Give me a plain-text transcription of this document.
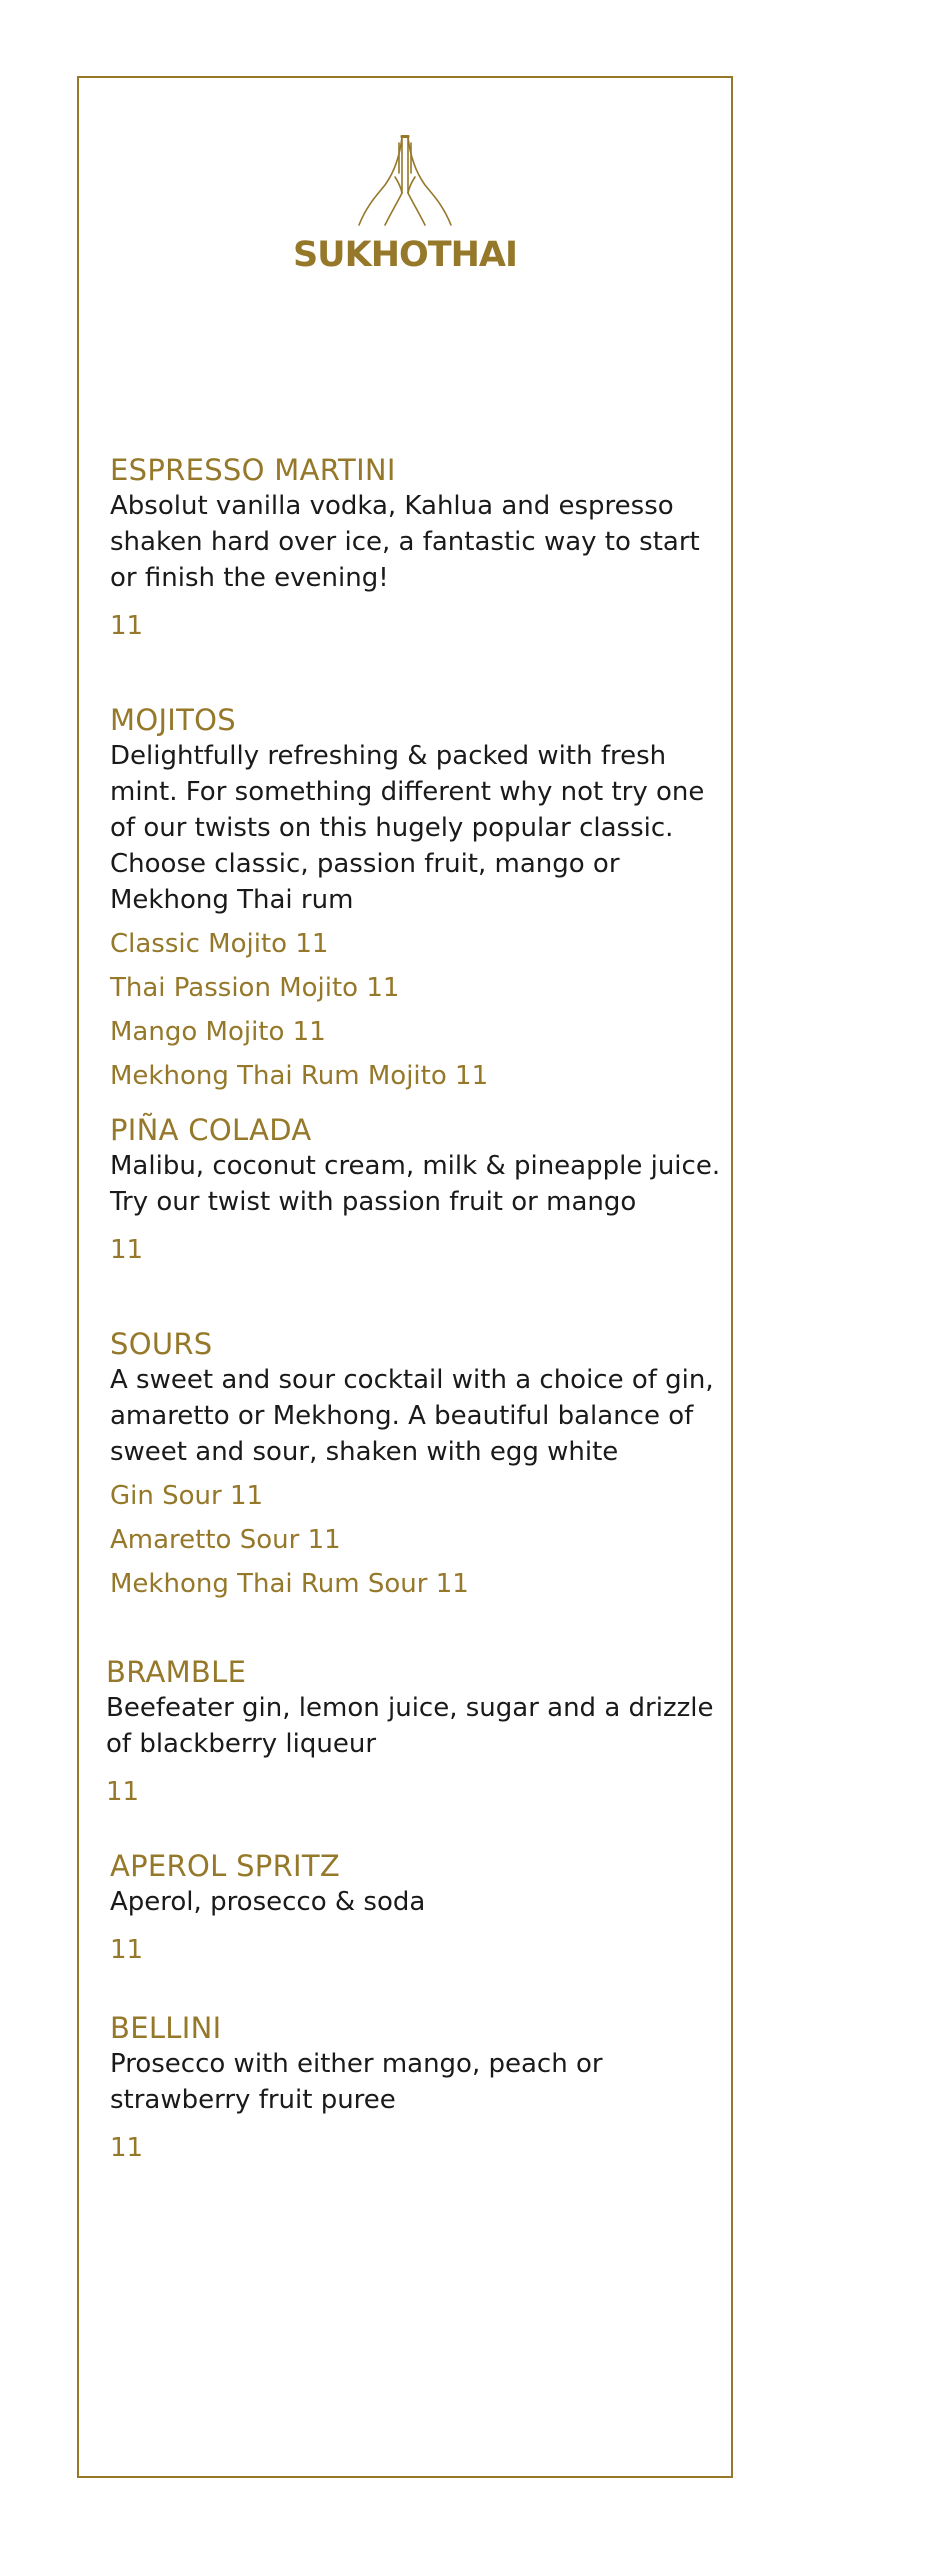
SUKHOTHAI
ESPRESSO MARTINI

Absolut vanilla vodka, Kahlua and espresso shaken hard over ice, a fantastic way to start or finish the evening!

11
MOJITOS

Delightfully refreshing & packed with fresh mint. For something different why not try one of our twists on this hugely popular classic. Choose classic, passion fruit, mango or Mekhong Thai rum

Classic Mojito 11
Thai Passion Mojito 11
Mango Mojito 11
Mekhong Thai Rum Mojito 11
PIÑA COLADA

Malibu, coconut cream, milk & pineapple juice. Try our twist with passion fruit or mango

11
SOURS

A sweet and sour cocktail with a choice of gin, amaretto or Mekhong. A beautiful balance of sweet and sour, shaken with egg white

Gin Sour 11
Amaretto Sour 11
Mekhong Thai Rum Sour 11
BRAMBLE

Beefeater gin, lemon juice, sugar and a drizzle of blackberry liqueur

11
APEROL SPRITZ

Aperol, prosecco & soda

11
BELLINI

Prosecco with either mango, peach or strawberry fruit puree

11
